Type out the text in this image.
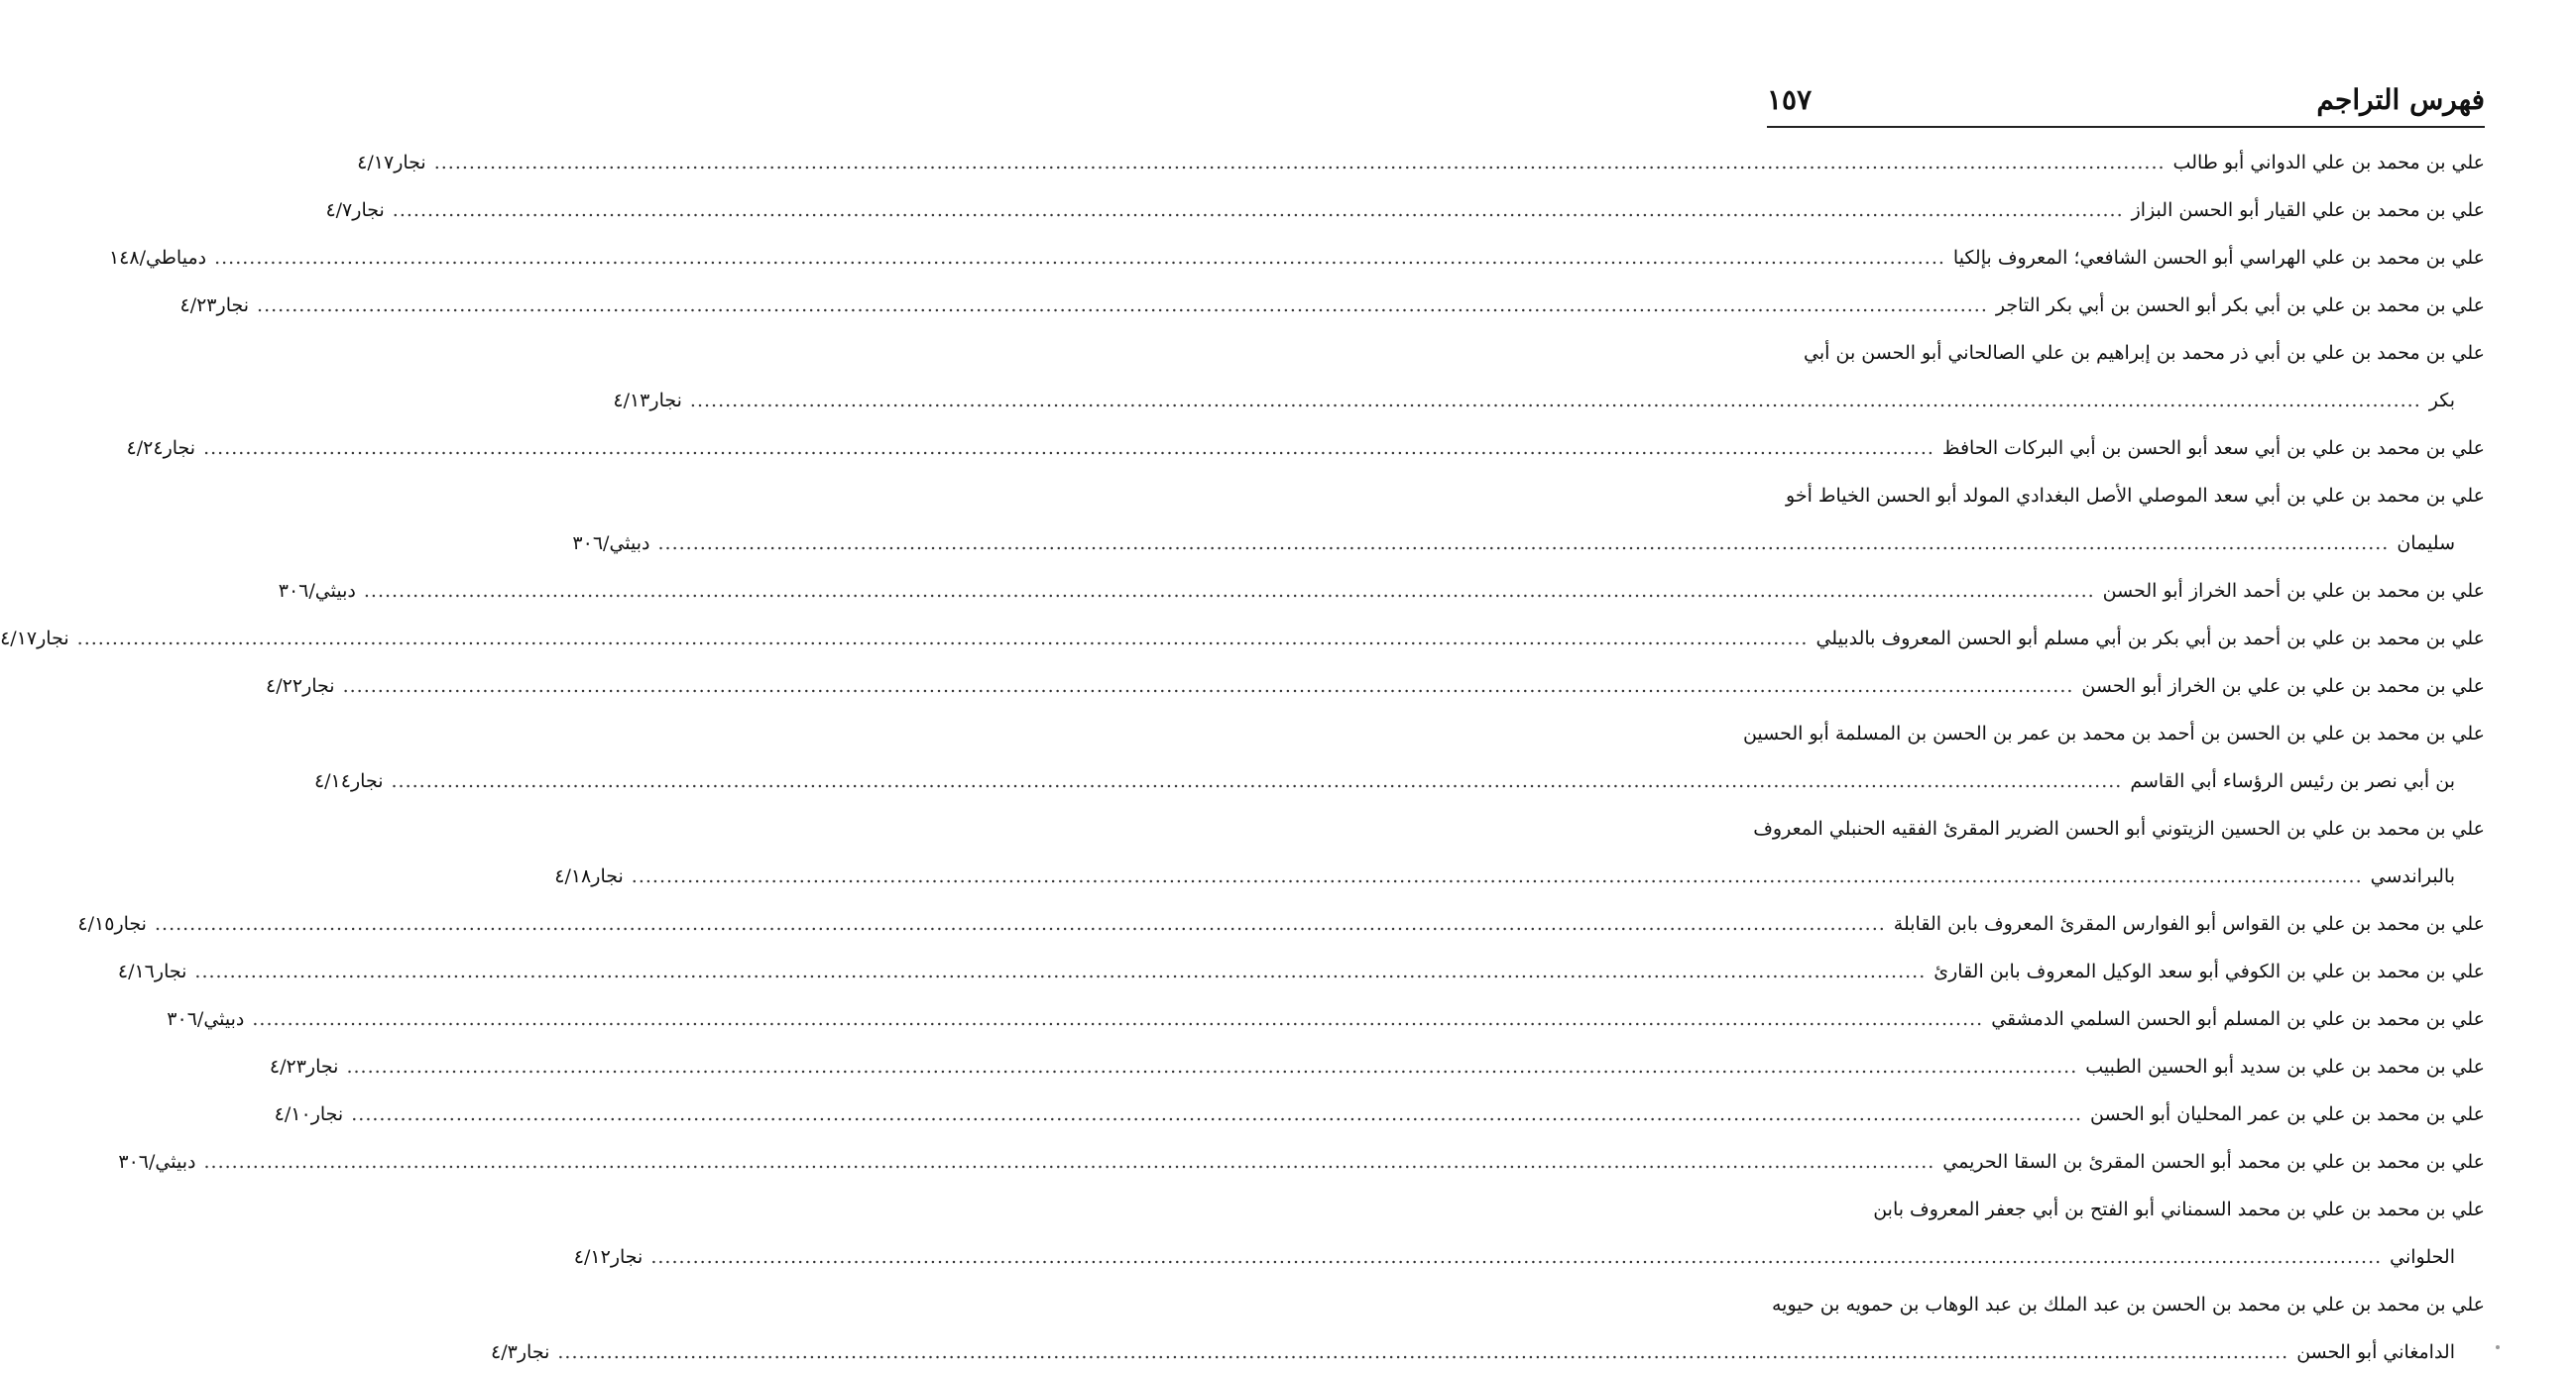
فهرس التراجم
١٥٧
علي بن محمد بن علي الدواني أبو طالب
.....
نجار٤/١٧
علي بن محمد بن علي القيار أبو الحسن البزاز
.....
نجار٤/٧
علي بن محمد بن علي الهراسي أبو الحسن الشافعي؛ المعروف بإلكيا
.....
دمياطي/١٤٨
علي بن محمد بن علي بن أبي بكر أبو الحسن بن أبي بكر التاجر
.....
نجار٤/٢٣
علي بن محمد بن علي بن أبي ذر محمد بن إبراهيم بن علي الصالحاني أبو الحسن بن أبي
بكر
.....
نجار٤/١٣
علي بن محمد بن علي بن أبي سعد أبو الحسن بن أبي البركات الحافظ
.....
نجار٤/٢٤
علي بن محمد بن علي بن أبي سعد الموصلي الأصل البغدادي المولد أبو الحسن الخياط أخو
سليمان
.....
دبيثي/٣٠٦
علي بن محمد بن علي بن أحمد الخراز أبو الحسن
.....
دبيثي/٣٠٦
علي بن محمد بن علي بن أحمد بن أبي بكر بن أبي مسلم أبو الحسن المعروف بالدبيلي
.....
نجار٤/١٧
علي بن محمد بن علي بن علي بن الخراز أبو الحسن
.....
نجار٤/٢٢
علي بن محمد بن علي بن الحسن بن أحمد بن محمد بن عمر بن الحسن بن المسلمة أبو الحسين
بن أبي نصر بن رئيس الرؤساء أبي القاسم
.....
نجار٤/١٤
علي بن محمد بن علي بن الحسين الزيتوني أبو الحسن الضرير المقرئ الفقيه الحنبلي المعروف
بالبراندسي
.....
نجار٤/١٨
علي بن محمد بن علي بن القواس أبو الفوارس المقرئ المعروف بابن القابلة
.....
نجار٤/١٥
علي بن محمد بن علي بن الكوفي أبو سعد الوكيل المعروف بابن القارئ
.....
نجار٤/١٦
علي بن محمد بن علي بن المسلم أبو الحسن السلمي الدمشقي
.....
دبيثي/٣٠٦
علي بن محمد بن علي بن سديد أبو الحسين الطبيب
.....
نجار٤/٢٣
علي بن محمد بن علي بن عمر المحليان أبو الحسن
.....
نجار٤/١٠
علي بن محمد بن علي بن محمد أبو الحسن المقرئ بن السقا الحريمي
.....
دبيثي/٣٠٦
علي بن محمد بن علي بن محمد السمناني أبو الفتح بن أبي جعفر المعروف بابن
الحلواني
.....
نجار٤/١٢
علي بن محمد بن علي بن محمد بن الحسن بن عبد الملك بن عبد الوهاب بن حمويه بن حيويه
الدامغاني أبو الحسن
.....
نجار٤/٣
